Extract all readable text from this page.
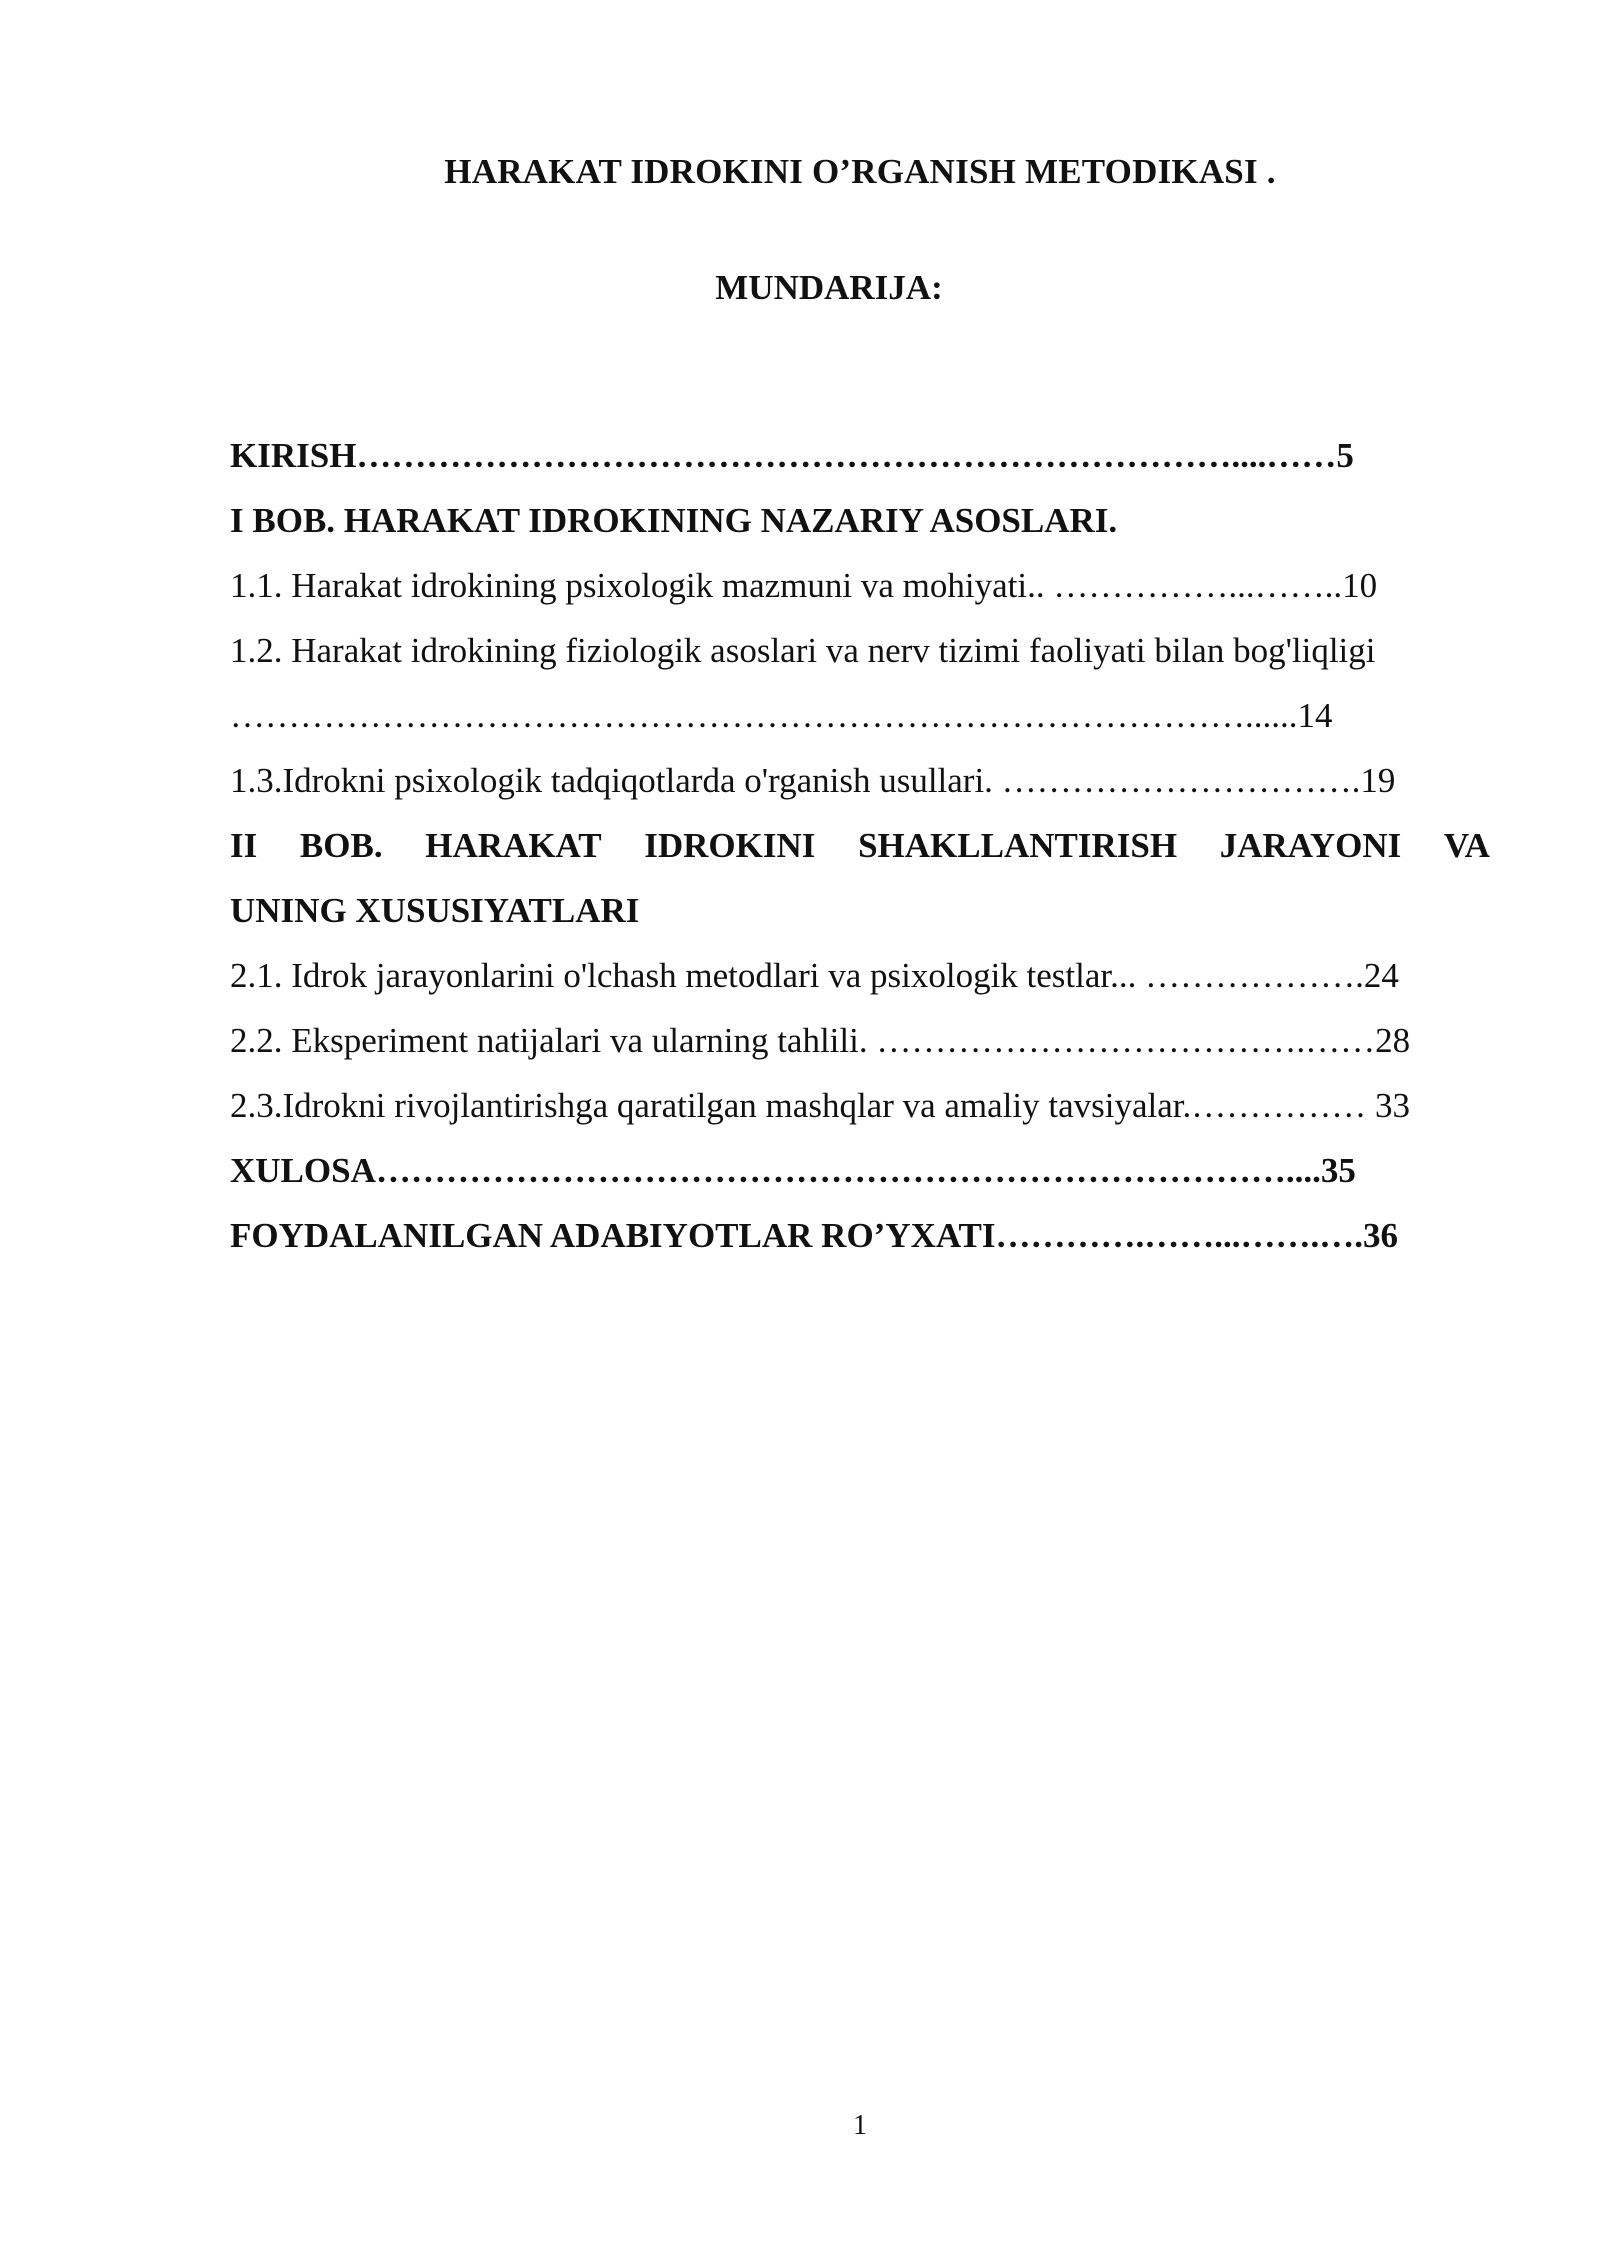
HARAKAT IDROKINI O’RGANISH METODIKASI .
MUNDARIJA:
KIRISH…………………………………………………………………....……5
I BOB. HARAKAT IDROKINING NAZARIY ASOSLARI.
1.1. Harakat idrokining psixologik mazmuni va mohiyati.. ……………...……..10
1.2. Harakat idrokining fiziologik asoslari va nerv tizimi faoliyati bilan bog'liqligi
……………………………………………………………………………......14
1.3.Idrokni psixologik tadqiqotlarda o'rganish usullari. ………………………….19
II BOB. HARAKAT IDROKINI SHAKLLANTIRISH JARAYONI VA
UNING XUSUSIYATLARI
2.1. Idrok jarayonlarini o'lchash metodlari va psixologik testlar... ……………….24
2.2. Eksperiment natijalari va ularning tahlili. ……………………………….……28
2.3.Idrokni rivojlantirishga qaratilgan mashqlar va amaliy tavsiyalar.…………… 33
XULOSA……………………………………………………………………....35
FOYDALANILGAN ADABIYOTLAR RO’YXATI………….……...…….….36
1
